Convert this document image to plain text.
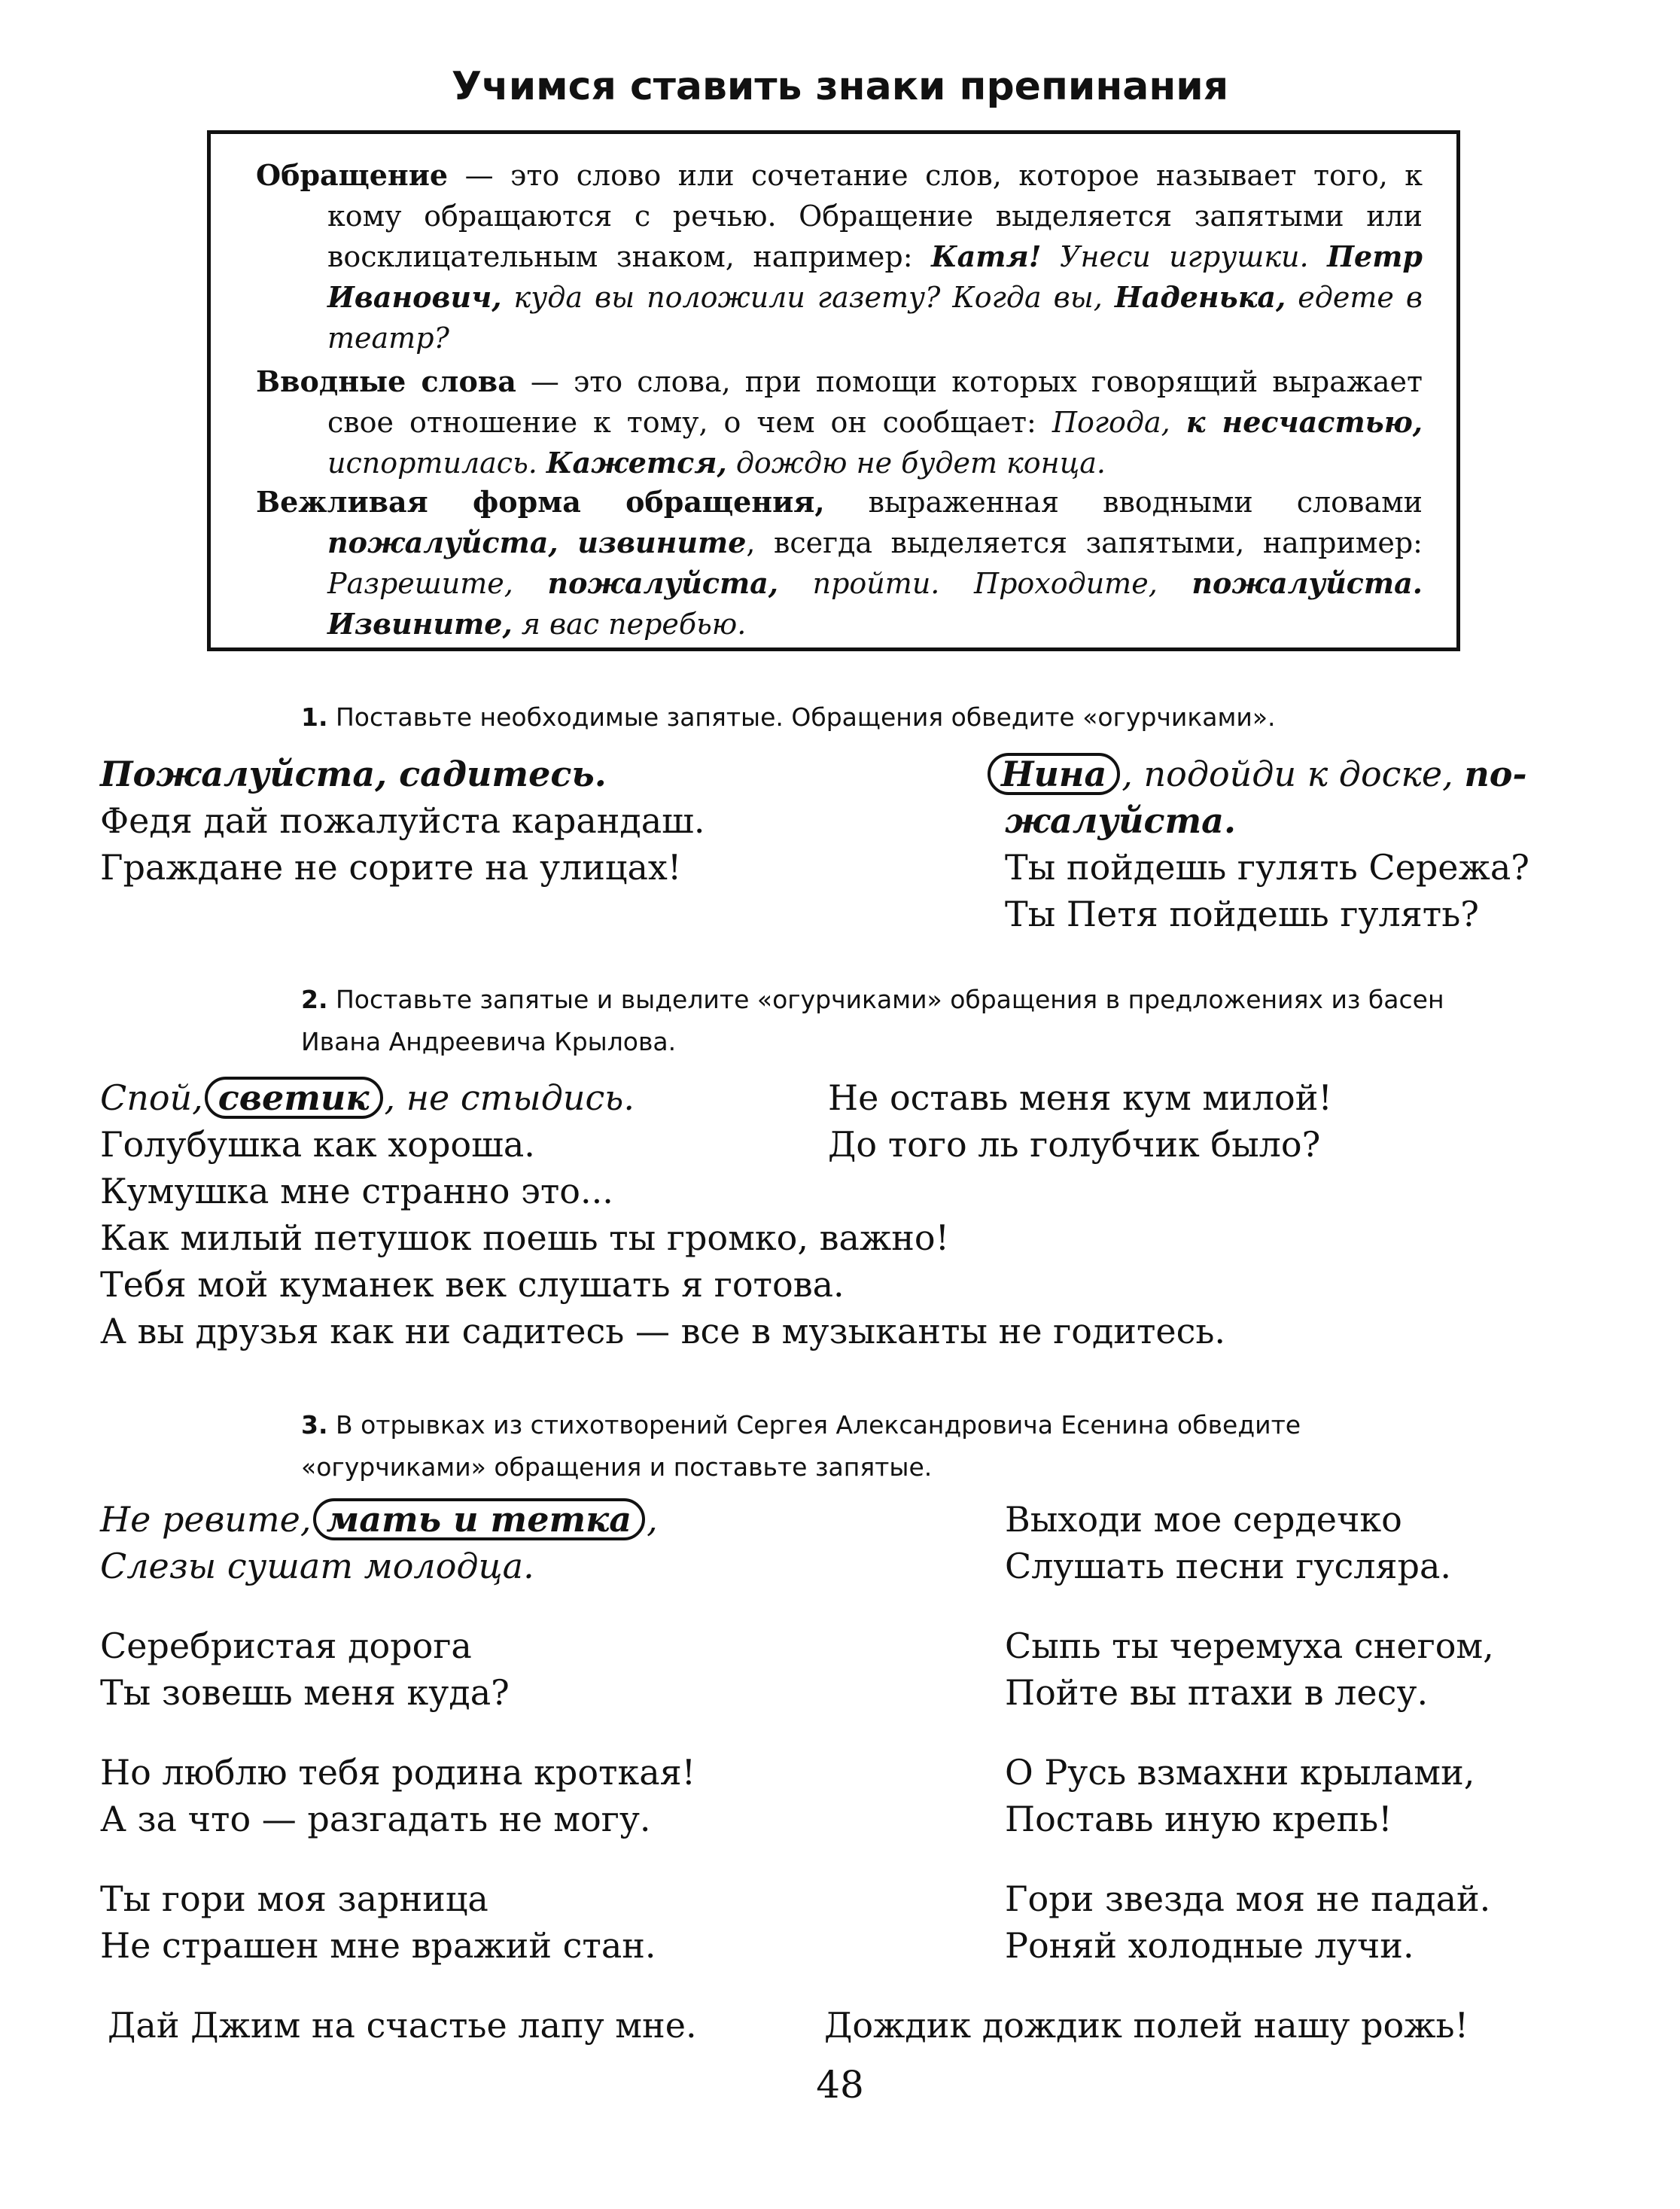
Учимся ставить знаки препинания

Обращение — это слово или сочетание слов, которое называет того, к кому обращаются с речью. Обращение выделяется запятыми или восклицательным знаком, например: Катя! Унеси игрушки. Петр Иванович, куда вы положили газету? Когда вы, Наденька, едете в театр?

Вводные слова — это слова, при помощи которых говорящий выражает свое отношение к тому, о чем он сообщает: Погода, к несчастью, испортилась. Кажется, дождю не будет конца.

Вежливая форма обращения, выраженная вводными словами пожалуйста, извините, всегда выделяется запятыми, например: Разрешите, пожалуйста, пройти. Проходите, пожалуйста. Извините, я вас перебью.

1. Поставьте необходимые запятые. Обращения обведите «огурчиками».
Пожалуйста, садитесь.
Федя дай пожалуйста карандаш.
Граждане не сорите на улицах!
Нина , подойди к доске, по-
жалуйста.
Ты пойдешь гулять Сережа?
Ты Петя пойдешь гулять?
2. Поставьте запятые и выделите «огурчиками» обращения в предложениях из басен Ивана Андреевича Крылова.
Спой, светик , не стыдись.
Голубушка как хороша.
Кумушка мне странно это...
Как милый петушок поешь ты громко, важно!
Тебя мой куманек век слушать я готова.
А вы друзья как ни садитесь — все в музыканты не годитесь.
Не оставь меня кум милой!
До того ль голубчик было?
3. В отрывках из стихотворений Сергея Александровича Есенина обведите «огурчиками» обращения и поставьте запятые.
Не ревите, мать и тетка ,
Слезы сушат молодца.
Серебристая дорога
Ты зовешь меня куда?
Но люблю тебя родина кроткая!
А за что — разгадать не могу.
Ты гори моя зарница
Не страшен мне вражий стан.
Выходи мое сердечко
Слушать песни гусляра.
Сыпь ты черемуха снегом,
Пойте вы птахи в лесу.
О Русь взмахни крылами,
Поставь иную крепь!
Гори звезда моя не падай.
Роняй холодные лучи.
Дай Джим на счастье лапу мне.	Дождик дождик полей нашу рожь!
48
